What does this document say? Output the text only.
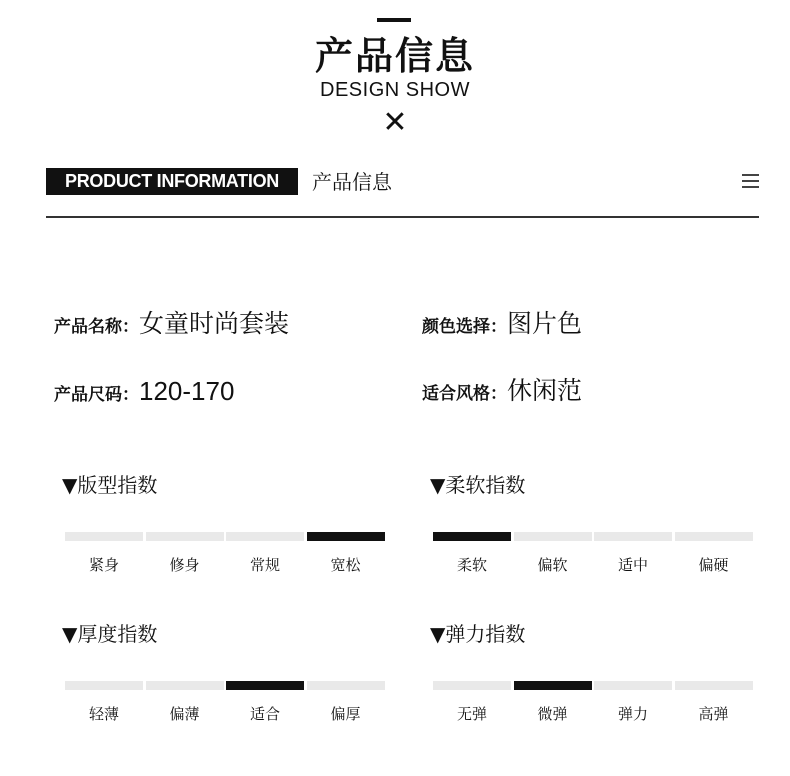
产品信息
DESIGN SHOW
✕
PRODUCT INFORMATION	产品信息
产品名称：女童时尚套装	颜色选择：图片色
产品尺码：120-170	适合风格：休闲范
▼版型指数
紧身	修身	常规	宽松
▼柔软指数
柔软	偏软	适中	偏硬
▼厚度指数
轻薄	偏薄	适合	偏厚
▼弹力指数
无弹	微弹	弹力	高弹
